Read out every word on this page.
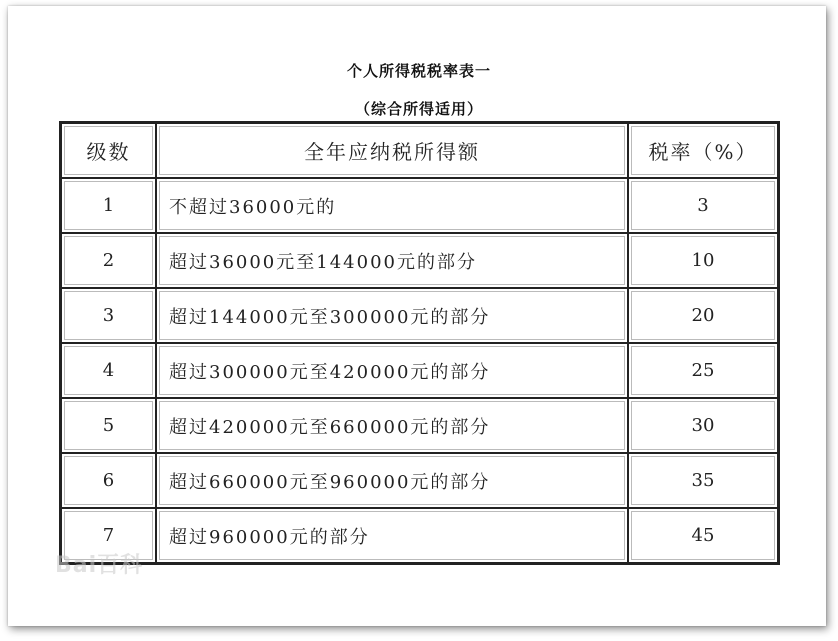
个人所得税税率表一
（综合所得适用）
级数	全年应纳税所得额	税率（%）
1	不超过36000元的	3
2	超过36000元至144000元的部分	10
3	超过144000元至300000元的部分	20
4	超过300000元至420000元的部分	25
5	超过420000元至660000元的部分	30
6	超过660000元至960000元的部分	35
7	超过960000元的部分	45
Bai百科
